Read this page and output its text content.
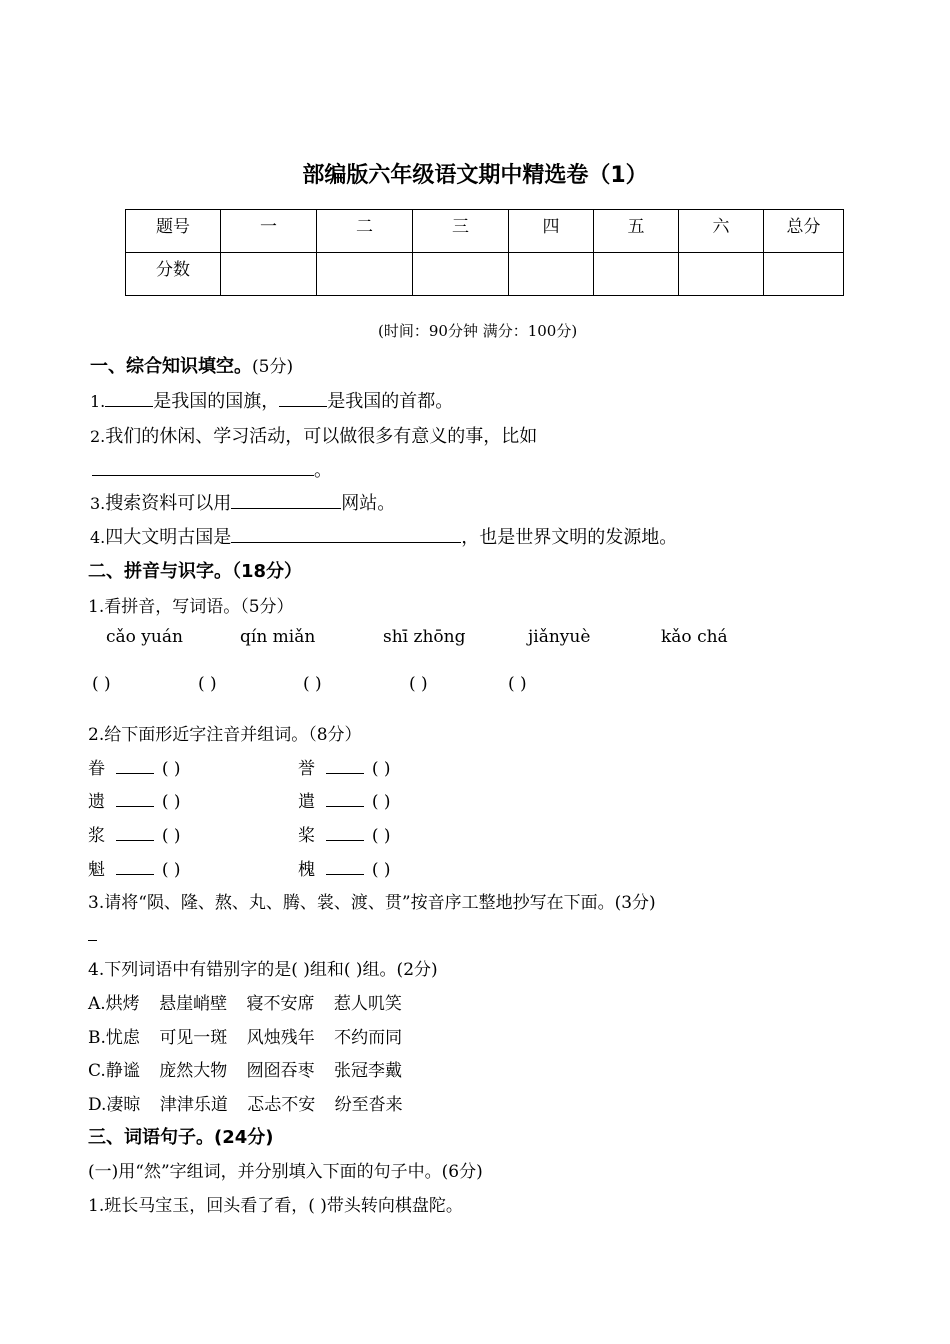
部编版六年级语文期中精选卷（1）
题号	一	二	三	四	五	六	总分
分数							
(时间：90分钟 满分：100分)
一、综合知识填空。(5分)
1.	是我国的国旗，	是我国的首都。
2.我们的休闲、学习活动，可以做很多有意义的事，比如
。
3.搜索资料可以用	网站。
4.四大文明古国是	，也是世界文明的发源地。
二、拼音与识字。（18分）
1.看拼音，写词语。（5分）
cǎo yuán	qín miǎn	shī zhōng	jiǎnyuè	kǎo chá
( )	( )	( )	( )	( )
2.给下面形近字注音并组词。（8分）
眷	( )	誉	( )
遗	( )	遣	( )
浆	( )	桨	( )
魁	( )	槐	( )
3.请将“陨、隆、熬、丸、腾、裳、渡、贯”按音序工整地抄写在下面。(3分)
4.下列词语中有错别字的是( )组和( )组。(2分)
A.烘烤 悬崖峭壁 寝不安席 惹人叽笑
B.忧虑 可见一斑 风烛残年 不约而同
C.静谧 庞然大物 囫囵吞枣 张冠李戴
D.凄晾 津津乐道 忑忐不安 纷至沓来
三、词语句子。(24分)
(一)用“然”字组词，并分别填入下面的句子中。(6分)
1.班长马宝玉，回头看了看，( )带头转向棋盘陀。
